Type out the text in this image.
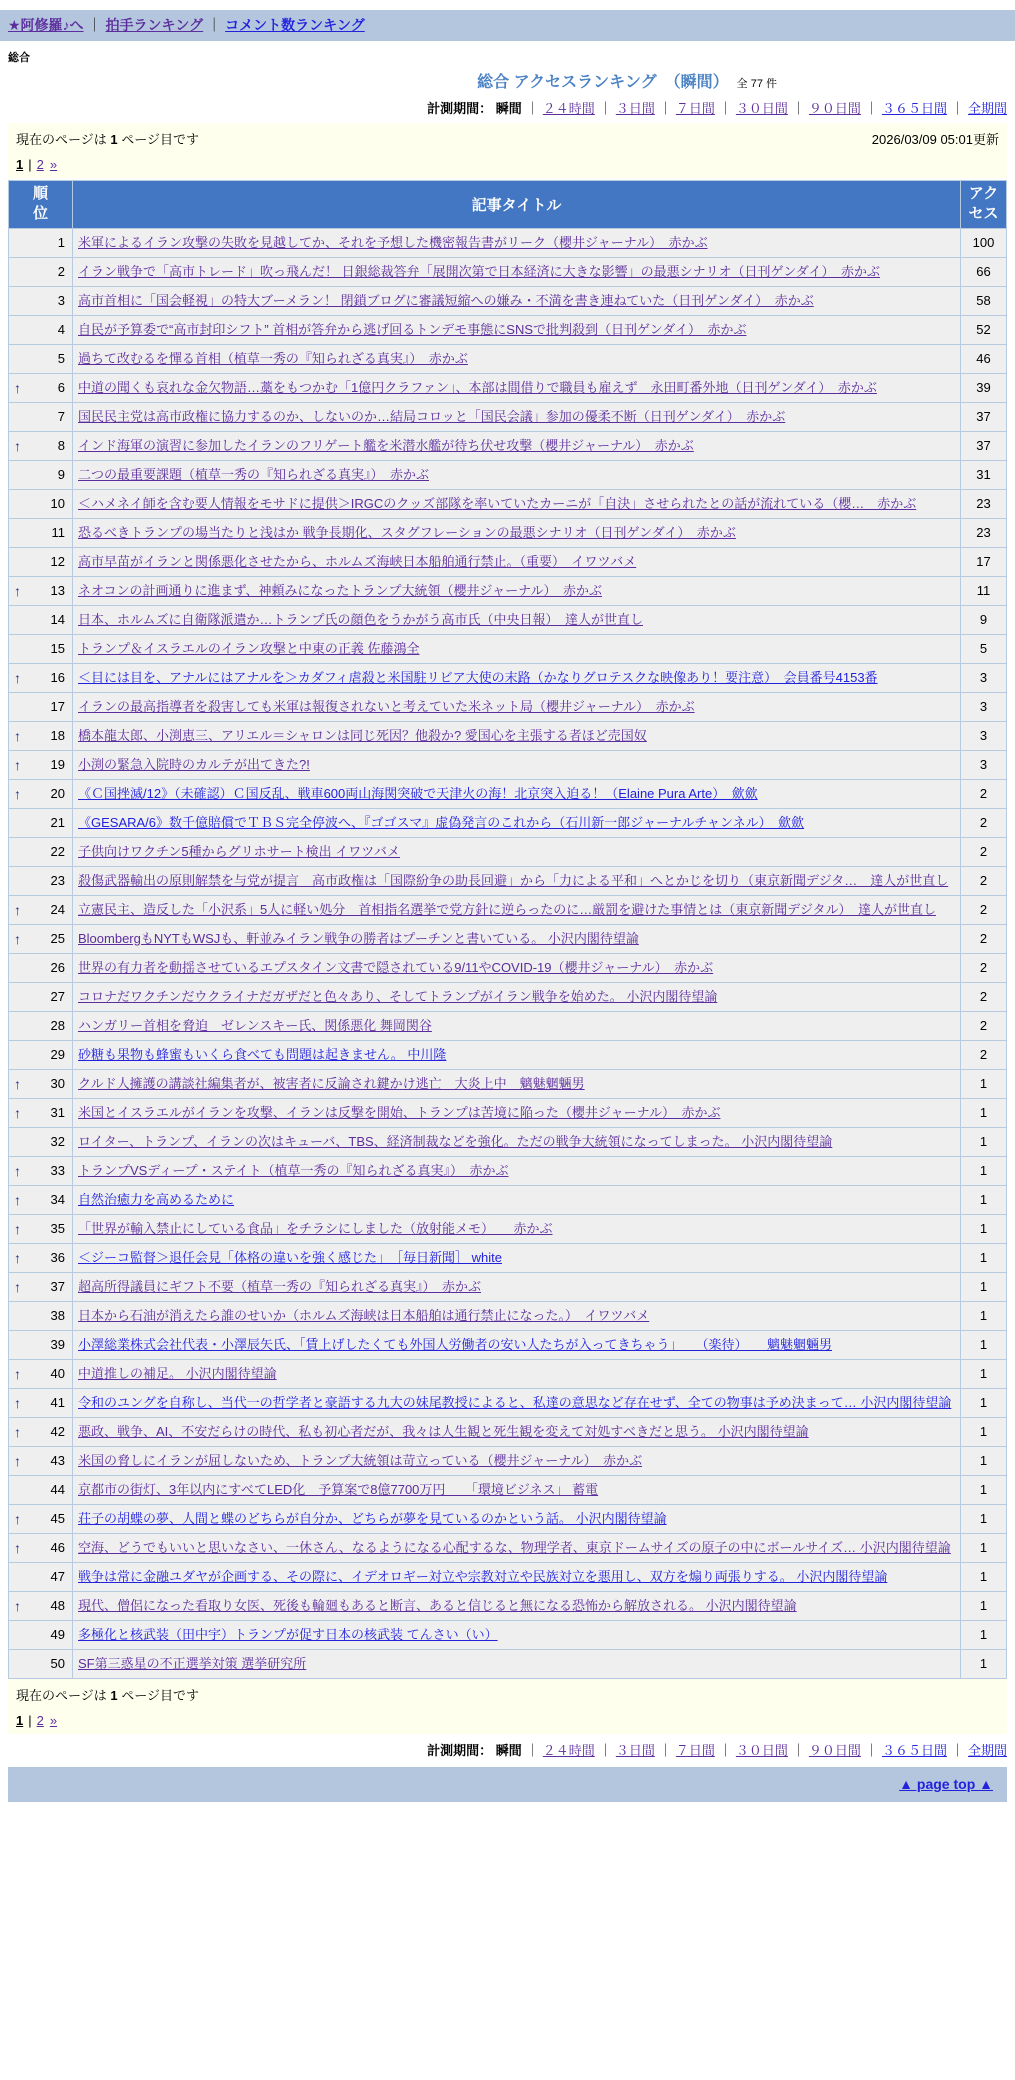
★阿修羅♪へ ｜ 拍手ランキング ｜ コメント数ランキング
総合
総合 アクセスランキング　（瞬間） 全 77 件
計測期間： 瞬間 ｜ ２４時間 ｜ ３日間 ｜ ７日間 ｜ ３０日間 ｜ ９０日間 ｜ ３６５日間 ｜ 全期間
現在のページは 1 ページ目です	2026/03/09 05:01更新
1 | 2 »
順位	記事タイトル	アクセス

1	米軍によるイラン攻撃の失敗を見越してか、それを予想した機密報告書がリーク（櫻井ジャーナル）　赤かぶ	100

2	イラン戦争で「高市トレード」吹っ飛んだ！ 日銀総裁答弁「展開次第で日本経済に大きな影響」の最悪シナリオ（日刊ゲンダイ）　赤かぶ	66

3	高市首相に「国会軽視」の特大ブーメラン！ 閉鎖ブログに審議短縮への嫌み・不満を書き連ねていた（日刊ゲンダイ）　赤かぶ	58

4	自民が予算委で“高市封印シフト” 首相が答弁から逃げ回るトンデモ事態にSNSで批判殺到（日刊ゲンダイ）　赤かぶ	52

5	過ちて改むるを憚る首相（植草一秀の『知られざる真実』）　赤かぶ	46

↑ 6	中道の聞くも哀れな金欠物語…藁をもつかむ「1億円クラファン」、本部は間借りで職員も雇えず　永田町番外地（日刊ゲンダイ）　赤かぶ	39

7	国民民主党は高市政権に協力するのか、しないのか…結局コロッと「国民会議」参加の優柔不断（日刊ゲンダイ）　赤かぶ	37

↑ 8	インド海軍の演習に参加したイランのフリゲート艦を米潜水艦が待ち伏せ攻撃（櫻井ジャーナル）　赤かぶ	37

9	二つの最重要課題（植草一秀の『知られざる真実』）　赤かぶ	31

10	＜ハメネイ師を含む要人情報をモサドに提供＞IRGCのクッズ部隊を率いていたカーニが「自決」させられたとの話が流れている（櫻…　赤かぶ	23

11	恐るべきトランプの場当たりと浅はか 戦争長期化、スタグフレーションの最悪シナリオ（日刊ゲンダイ）　赤かぶ	23

12	高市早苗がイランと関係悪化させたから、ホルムズ海峡日本船舶通行禁止。（重要）　イワツバメ	17

↑ 13	ネオコンの計画通りに進まず、神頼みになったトランプ大統領（櫻井ジャーナル）　赤かぶ	11

14	日本、ホルムズに自衛隊派遣か…トランプ氏の顔色をうかがう高市氏（中央日報）　達人が世直し	9

15	トランプ＆イスラエルのイラン攻撃と中東の正義 佐藤鴻全	5

↑ 16	＜目には目を、アナルにはアナルを＞カダフィ虐殺と米国駐リビア大使の末路（かなりグロテスクな映像あり！要注意）　会員番号4153番	3

17	イランの最高指導者を殺害しても米軍は報復されないと考えていた米ネット局（櫻井ジャーナル）　赤かぶ	3

↑ 18	橋本龍太郎、小渕恵三、アリエル＝シャロンは同じ死因？他殺か? 愛国心を主張する者ほど売国奴	3

↑ 19	小渕の緊急入院時のカルテが出てきた?!	3

↑ 20	《Ｃ国挫滅/12》（未確認）Ｃ国反乱、戦車600両山海関突破で天津火の海！北京突入迫る！（Elaine Pura Arte）　歛歛	2

21	《GESARA/6》数千億賠償でＴＢＳ完全停波へ、『ゴゴスマ』虚偽発言のこれから（石川新一郎ジャーナルチャンネル）　歛歛	2

22	子供向けワクチン5種からグリホサート検出 イワツバメ	2

23	殺傷武器輸出の原則解禁を与党が提言　高市政権は「国際紛争の助長回避」から「力による平和」へとかじを切り（東京新聞デジタ…　達人が世直し	2

↑ 24	立憲民主、造反した「小沢系」5人に軽い処分　首相指名選挙で党方針に逆らったのに…厳罰を避けた事情とは（東京新聞デジタル）　達人が世直し	2

↑ 25	BloombergもNYTもWSJも、軒並みイラン戦争の勝者はプーチンと書いている。 小沢内閣待望論	2

26	世界の有力者を動揺させているエプスタイン文書で隠されている9/11やCOVID-19（櫻井ジャーナル）　赤かぶ	2

27	コロナだワクチンだウクライナだガザだと色々あり、そしてトランプがイラン戦争を始めた。 小沢内閣待望論	2

28	ハンガリー首相を脅迫　ゼレンスキー氏、関係悪化 舞岡関谷	2

29	砂糖も果物も蜂蜜もいくら食べても問題は起きません。 中川隆	2

↑ 30	クルド人擁護の講談社編集者が、被害者に反論され鍵かけ逃亡　大炎上中　魑魅魍魎男	1

↑ 31	米国とイスラエルがイランを攻撃、イランは反撃を開始、トランプは苦境に陥った（櫻井ジャーナル）　赤かぶ	1

32	ロイター、トランプ、イランの次はキューバ、TBS、経済制裁などを強化。ただの戦争大統領になってしまった。 小沢内閣待望論	1

↑ 33	トランプVSディープ・ステイト（植草一秀の『知られざる真実』）　赤かぶ	1

↑ 34	自然治癒力を高めるために	1

↑ 35	「世界が輸入禁止にしている食品」をチラシにしました（放射能メモ）　　赤かぶ	1

↑ 36	＜ジーコ監督＞退任会見「体格の違いを強く感じた」　［毎日新聞］ white	1

↑ 37	超高所得議員にギフト不要（植草一秀の『知られざる真実』）　赤かぶ	1

38	日本から石油が消えたら誰のせいか（ホルムズ海峡は日本船舶は通行禁止になった。）　イワツバメ	1

39	小澤総業株式会社代表・小澤辰矢氏、「賃上げしたくても外国人労働者の安い人たちが入ってきちゃう」　　（楽待）　　魑魅魍魎男	1

↑ 40	中道推しの補足。 小沢内閣待望論	1

↑ 41	令和のユングを自称し、当代一の哲学者と豪語する九大の妹尾教授によると、私達の意思など存在せず、全ての物事は予め決まって… 小沢内閣待望論	1

↑ 42	悪政、戦争、AI、不安だらけの時代、私も初心者だが、我々は人生観と死生観を変えて対処すべきだと思う。 小沢内閣待望論	1

↑ 43	米国の脅しにイランが屈しないため、トランプ大統領は苛立っている（櫻井ジャーナル）　赤かぶ	1

44	京都市の街灯、3年以内にすべてLED化　予算案で8億7700万円　　「環境ビジネス」 蓄電	1

↑ 45	荘子の胡蝶の夢、人間と蝶のどちらが自分か、どちらが夢を見ているのかという話。 小沢内閣待望論	1

↑ 46	空海、どうでもいいと思いなさい、一休さん、なるようになる心配するな、物理学者、東京ドームサイズの原子の中にボールサイズ… 小沢内閣待望論	1

47	戦争は常に金融ユダヤが企画する、その際に、イデオロギー対立や宗教対立や民族対立を悪用し、双方を煽り両張りする。 小沢内閣待望論	1

↑ 48	現代、僧侶になった看取り女医、死後も輪廻もあると断言、あると信じると無になる恐怖から解放される。 小沢内閣待望論	1

49	多極化と核武装（田中宇）トランプが促す日本の核武装 てんさい（い）	1

50	SF第三惑星の不正選挙対策 選挙研究所	1
現在のページは 1 ページ目です
1 | 2 »
計測期間： 瞬間 ｜ ２４時間 ｜ ３日間 ｜ ７日間 ｜ ３０日間 ｜ ９０日間 ｜ ３６５日間 ｜ 全期間
▲ page top ▲
